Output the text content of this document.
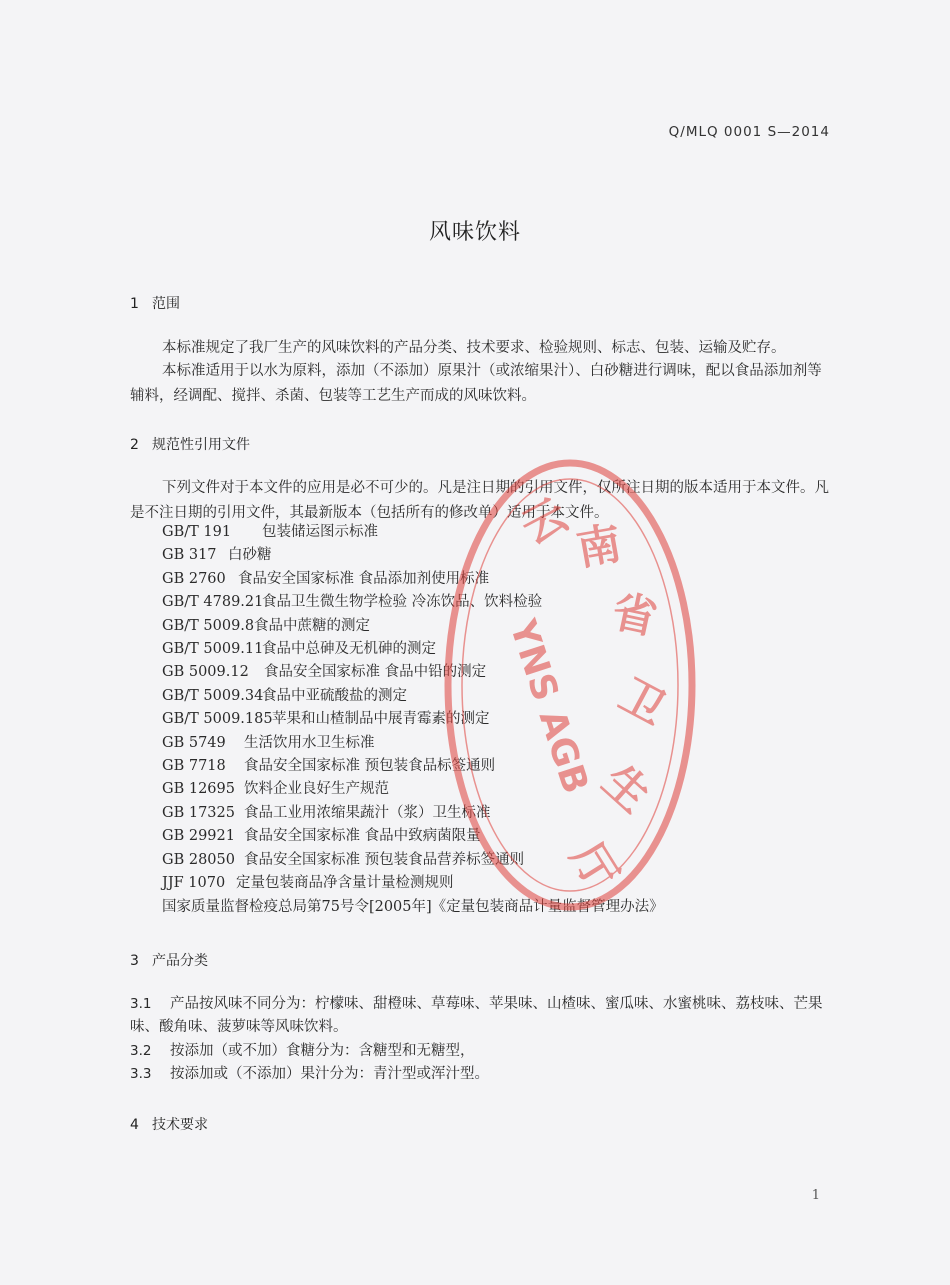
Q/MLQ 0001 S—2014
风味饮料
1 范围
本标准规定了我厂生产的风味饮料的产品分类、技术要求、检验规则、标志、包装、运输及贮存。
本标准适用于以水为原料，添加（不添加）原果汁（或浓缩果汁）、白砂糖进行调味，配以食品添加剂等辅料，经调配、搅拌、杀菌、包装等工艺生产而成的风味饮料。
2 规范性引用文件
下列文件对于本文件的应用是必不可少的。凡是注日期的引用文件，仅所注日期的版本适用于本文件。凡是不注日期的引用文件，其最新版本（包括所有的修改单）适用于本文件。
GB/T 191 包装储运图示标准
GB 317 白砂糖
GB 2760 食品安全国家标准 食品添加剂使用标准
GB/T 4789.21食品卫生微生物学检验 冷冻饮品、饮料检验
GB/T 5009.8食品中蔗糖的测定
GB/T 5009.11食品中总砷及无机砷的测定
GB 5009.12 食品安全国家标准 食品中铅的测定
GB/T 5009.34食品中亚硫酸盐的测定
GB/T 5009.185苹果和山楂制品中展青霉素的测定
GB 5749 生活饮用水卫生标准
GB 7718 食品安全国家标准 预包装食品标签通则
GB 12695 饮料企业良好生产规范
GB 17325 食品工业用浓缩果蔬汁（浆）卫生标准
GB 29921 食品安全国家标准 食品中致病菌限量
GB 28050 食品安全国家标准 预包装食品营养标签通则
JJF 1070 定量包装商品净含量计量检测规则
国家质量监督检疫总局第75号令[2005年]《定量包装商品计量监督管理办法》
3 产品分类
3.1 产品按风味不同分为：柠檬味、甜橙味、草莓味、苹果味、山楂味、蜜瓜味、水蜜桃味、荔枝味、芒果味、酸角味、菠萝味等风味饮料。
3.2 按添加（或不加）食糖分为：含糖型和无糖型，
3.3 按添加或（不添加）果汁分为：青汁型或浑汁型。
4 技术要求
云
南
省
卫
生
厅
YNS AGB
1
